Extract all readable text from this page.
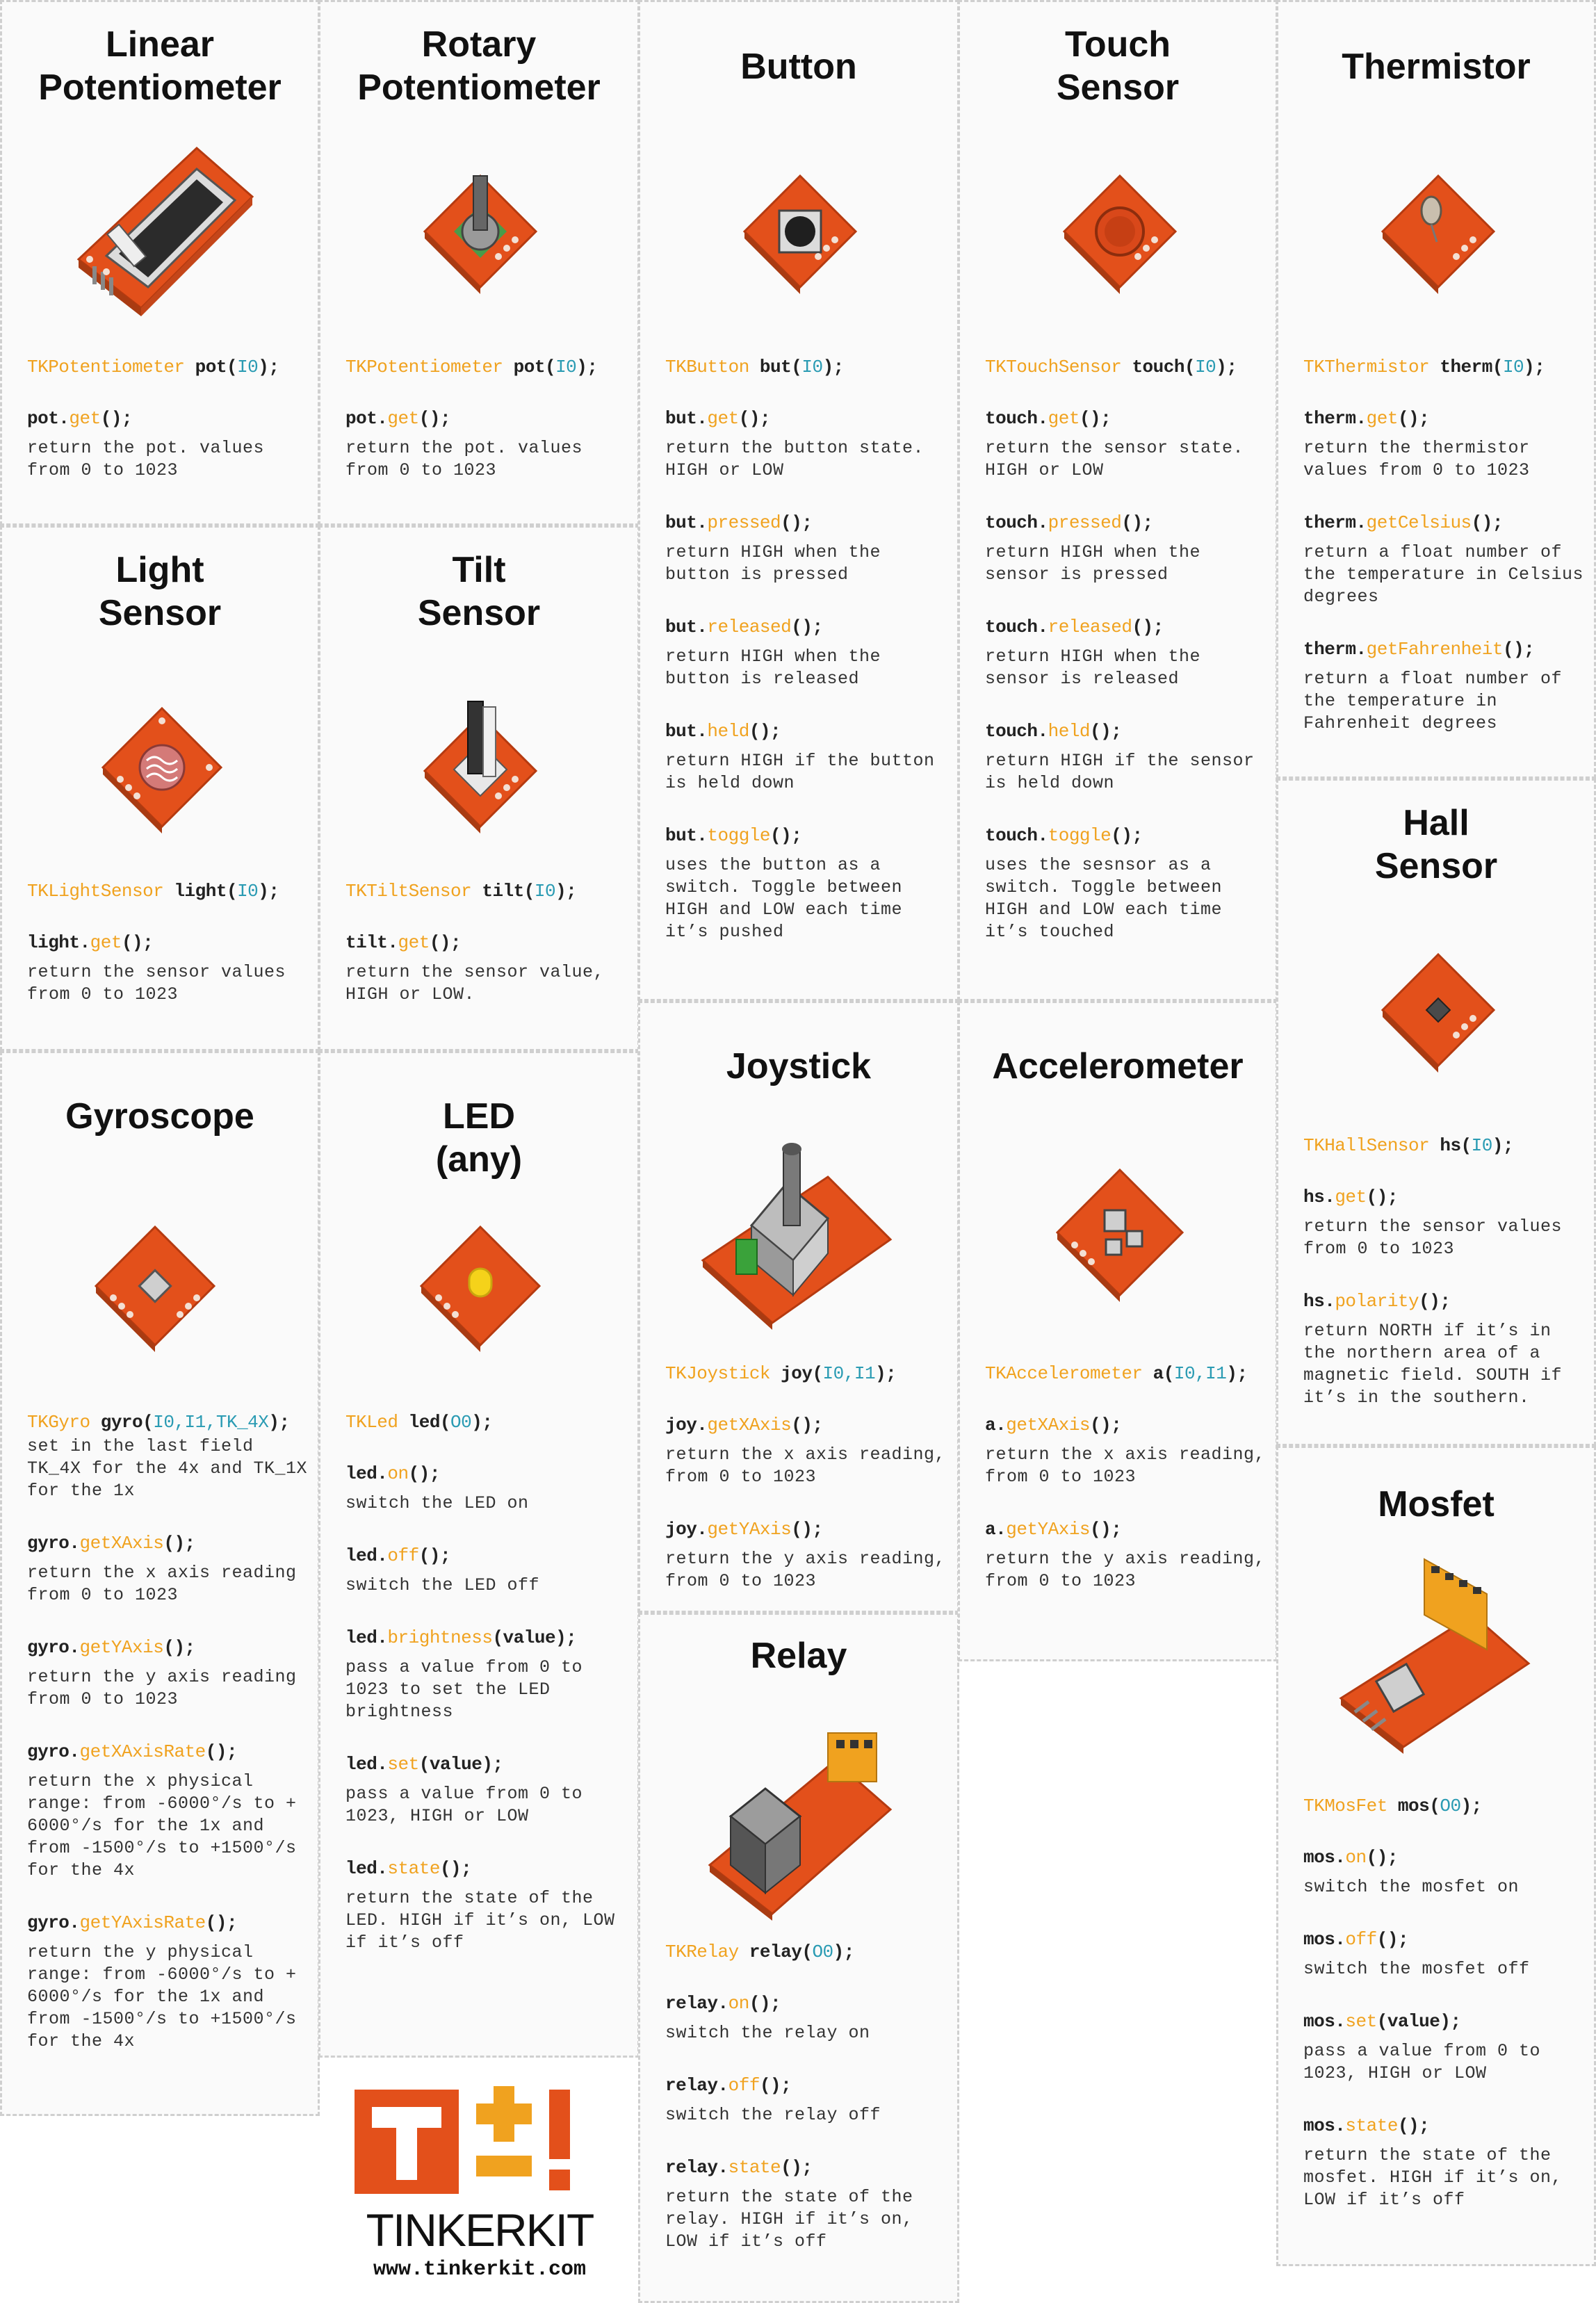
Linear
Potentiometer
TKPotentiometer pot(I0);
pot.get();
return the pot. values from 0 to 1023
Light
Sensor
TKLightSensor light(I0);
light.get();
return the sensor values from 0 to 1023
Gyroscope
TKGyro gyro(I0,I1,TK_4X);
set in the last field TK_4X for the 4x and TK_1X for the 1x
gyro.getXAxis();
return the x axis reading from 0 to 1023
gyro.getYAxis();
return the y axis reading from 0 to 1023
gyro.getXAxisRate();
return the x physical range: from -6000°/s to + 6000°/s for the 1x and from -1500°/s to +1500°/s for the 4x
gyro.getYAxisRate();
return the y physical range: from -6000°/s to + 6000°/s for the 1x and from -1500°/s to +1500°/s for the 4x
Rotary
Potentiometer
TKPotentiometer pot(I0);
pot.get();
return the pot. values from 0 to 1023
Tilt
Sensor
TKTiltSensor tilt(I0);
tilt.get();
return the sensor value, HIGH or LOW.
LED
(any)
TKLed led(O0);
led.on();
switch the LED on
led.off();
switch the LED off
led.brightness(value);
pass a value from 0 to 1023 to set the LED brightness
led.set(value);
pass a value from 0 to 1023, HIGH or LOW
led.state();
return the state of the LED. HIGH if it’s on, LOW if it’s off
TINKERKIT
www.tinkerkit.com
Button
TKButton but(I0);
but.get();
return the button state. HIGH or LOW
but.pressed();
return HIGH when the button is pressed
but.released();
return HIGH when the button is released
but.held();
return HIGH if the button is held down
but.toggle();
uses the button as a switch. Toggle between HIGH and LOW each time it’s pushed
Joystick
TKJoystick joy(I0,I1);
joy.getXAxis();
return the x axis reading, from 0 to 1023
joy.getYAxis();
return the y axis reading, from 0 to 1023
Relay
TKRelay relay(O0);
relay.on();
switch the relay on
relay.off();
switch the relay off
relay.state();
return the state of the relay. HIGH if it’s on, LOW if it’s off
Touch
Sensor
TKTouchSensor touch(I0);
touch.get();
return the sensor state. HIGH or LOW
touch.pressed();
return HIGH when the sensor is pressed
touch.released();
return HIGH when the sensor is released
touch.held();
return HIGH if the sensor is held down
touch.toggle();
uses the sesnsor as a switch. Toggle between HIGH and LOW each time it’s touched
Accelerometer
TKAccelerometer a(I0,I1);
a.getXAxis();
return the x axis reading, from 0 to 1023
a.getYAxis();
return the y axis reading, from 0 to 1023
Thermistor
TKThermistor therm(I0);
therm.get();
return the thermistor values from 0 to 1023
therm.getCelsius();
return a float number of the temperature in Celsius degrees
therm.getFahrenheit();
return a float number of the temperature in Fahrenheit degrees
Hall
Sensor
TKHallSensor hs(I0);
hs.get();
return the sensor values from 0 to 1023
hs.polarity();
return NORTH if it’s in the northern area of a magnetic field. SOUTH if it’s in the southern.
Mosfet
TKMosFet mos(O0);
mos.on();
switch the mosfet on
mos.off();
switch the mosfet off
mos.set(value);
pass a value from 0 to 1023, HIGH or LOW
mos.state();
return the state of the mosfet. HIGH if it’s on, LOW if it’s off
